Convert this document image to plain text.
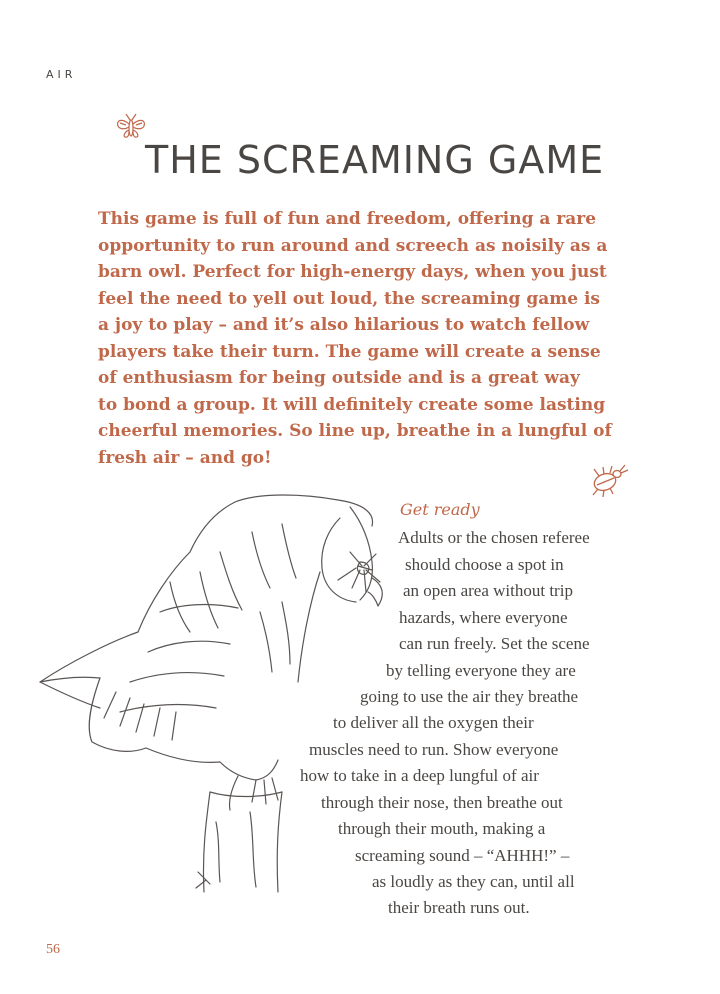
AIR
THE SCREAMING GAME
This game is full of fun and freedom, offering a rare
opportunity to run around and screech as noisily as a
barn owl. Perfect for high-energy days, when you just
feel the need to yell out loud, the screaming game is
a joy to play – and it’s also hilarious to watch fellow
players take their turn. The game will create a sense
of enthusiasm for being outside and is a great way
to bond a group. It will definitely create some lasting
cheerful memories. So line up, breathe in a lungful of
fresh air – and go!
Get ready

Adults or the chosen referee

should choose a spot in

an open area without trip

hazards, where everyone

can run freely. Set the scene

by telling everyone they are

going to use the air they breathe

to deliver all the oxygen their

muscles need to run. Show everyone

how to take in a deep lungful of air

through their nose, then breathe out

through their mouth, making a

screaming sound – “AHHH!” –

as loudly as they can, until all

their breath runs out.

56
